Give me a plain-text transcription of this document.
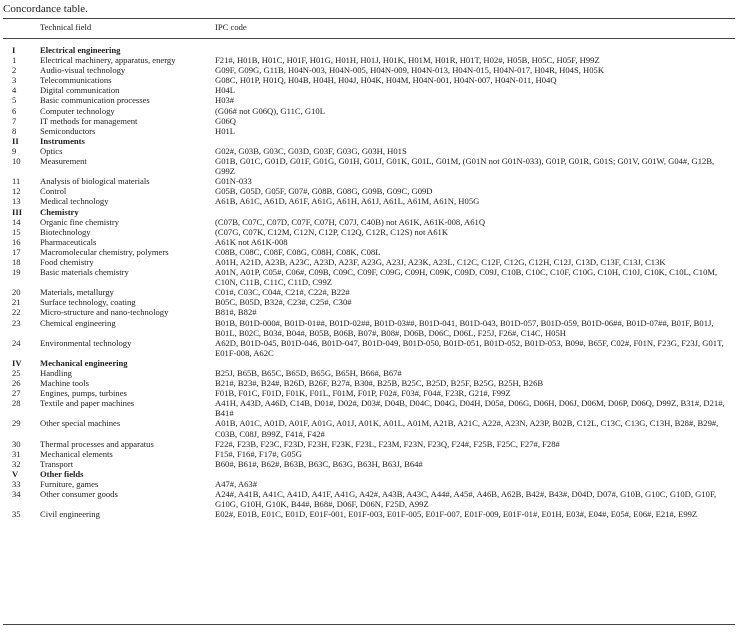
Concordance table.
Technical field	IPC code
I	Electrical engineering
1	Electrical machinery, apparatus, energy	F21#, H01B, H01C, H01F, H01G, H01H, H01J, H01K, H01M, H01R, H01T, H02#, H05B, H05C, H05F, H99Z
2	Audio-visual technology	G09F, G09G, G11B, H04N-003, H04N-005, H04N-009, H04N-013, H04N-015, H04N-017, H04R, H04S, H05K
3	Telecommunications	G08C, H01P, H01Q, H04B, H04H, H04J, H04K, H04M, H04N-001, H04N-007, H04N-011, H04Q
4	Digital communication	H04L
5	Basic communication processes	H03#
6	Computer technology	(G06# not G06Q), G11C, G10L
7	IT methods for management	G06Q
8	Semiconductors	H01L
II Instruments
9	Optics	G02#, G03B, G03C, G03D, G03F, G03G, G03H, H01S
10 Measurement	G01B, G01C, G01D, G01F, G01G, G01H, G01J, G01K, G01L, G01M, (G01N not G01N-033), G01P, G01R, G01S; G01V, G01W, G04#, G12B, G99Z
11 Analysis of biological materials	G01N-033
12 Control	G05B, G05D, G05F, G07#, G08B, G08G, G09B, G09C, G09D
13 Medical technology	A61B, A61C, A61D, A61F, A61G, A61H, A61J, A61L, A61M, A61N, H05G
III Chemistry
14 Organic fine chemistry	(C07B, C07C, C07D, C07F, C07H, C07J, C40B) not A61K, A61K-008, A61Q
15 Biotechnology	(C07G, C07K, C12M, C12N, C12P, C12Q, C12R, C12S) not A61K
16 Pharmaceuticals	A61K not A61K-008
17 Macromolecular chemistry, polymers	C08B, C08C, C08F, C08G, C08H, C08K, C08L
18 Food chemistry	A01H, A21D, A23B, A23C, A23D, A23F, A23G, A23J, A23K, A23L, C12C, C12F, C12G, C12H, C12J, C13D, C13F, C13J, C13K
19 Basic materials chemistry	A01N, A01P, C05#, C06#, C09B, C09C, C09F, C09G, C09H, C09K, C09D, C09J, C10B, C10C, C10F, C10G, C10H, C10J, C10K, C10L, C10M, C10N, C11B, C11C, C11D, C99Z
20 Materials, metallurgy	C01#, C03C, C04#, C21#, C22#, B22#
21 Surface technology, coating	B05C, B05D, B32#, C23#, C25#, C30#
22 Micro-structure and nano-technology	B81#, B82#
23 Chemical engineering	B01B, B01D-000#, B01D-01##, B01D-02##, B01D-03##, B01D-041, B01D-043, B01D-057, B01D-059, B01D-06##, B01D-07##, B01F, B01J, B01L, B02C, B03#, B04#, B05B, B06B, B07#, B08#, D06B, D06C, D06L, F25J, F26#, C14C, H05H
24 Environmental technology	A62D, B01D-045, B01D-046, B01D-047, B01D-049, B01D-050, B01D-051, B01D-052, B01D-053, B09#, B65F, C02#, F01N, F23G, F23J, G01T, E01F-008, A62C
IV Mechanical engineering
25 Handling	B25J, B65B, B65C, B65D, B65G, B65H, B66#, B67#
26 Machine tools	B21#, B23#, B24#, B26D, B26F, B27#, B30#, B25B, B25C, B25D, B25F, B25G, B25H, B26B
27 Engines, pumps, turbines	F01B, F01C, F01D, F01K, F01L, F01M, F01P, F02#, F03#, F04#, F23R, G21#, F99Z
28 Textile and paper machines	A41H, A43D, A46D, C14B, D01#, D02#, D03#, D04B, D04C, D04G, D04H, D05#, D06G, D06H, D06J, D06M, D06P, D06Q, D99Z, B31#, D21#, B41#
29 Other special machines	A01B, A01C, A01D, A01F, A01G, A01J, A01K, A01L, A01M, A21B, A21C, A22#, A23N, A23P, B02B, C12L, C13C, C13G, C13H, B28#, B29#, C03B, C08J, B99Z, F41#, F42#
30 Thermal processes and apparatus	F22#, F23B, F23C, F23D, F23H, F23K, F23L, F23M, F23N, F23Q, F24#, F25B, F25C, F27#, F28#
31 Mechanical elements	F15#, F16#, F17#, G05G
32 Transport	B60#, B61#, B62#, B63B, B63C, B63G, B63H, B63J, B64#
V	Other fields
33 Furniture, games	A47#, A63#
34 Other consumer goods	A24#, A41B, A41C, A41D, A41F, A41G, A42#, A43B, A43C, A44#, A45#, A46B, A62B, B42#, B43#, D04D, D07#, G10B, G10C, G10D, G10F, G10G, G10H, G10K, B44#, B68#, D06F, D06N, F25D, A99Z
35 Civil engineering	E02#, E01B, E01C, E01D, E01F-001, E01F-003, E01F-005, E01F-007, E01F-009, E01F-01#, E01H, E03#, E04#, E05#, E06#, E21#, E99Z
